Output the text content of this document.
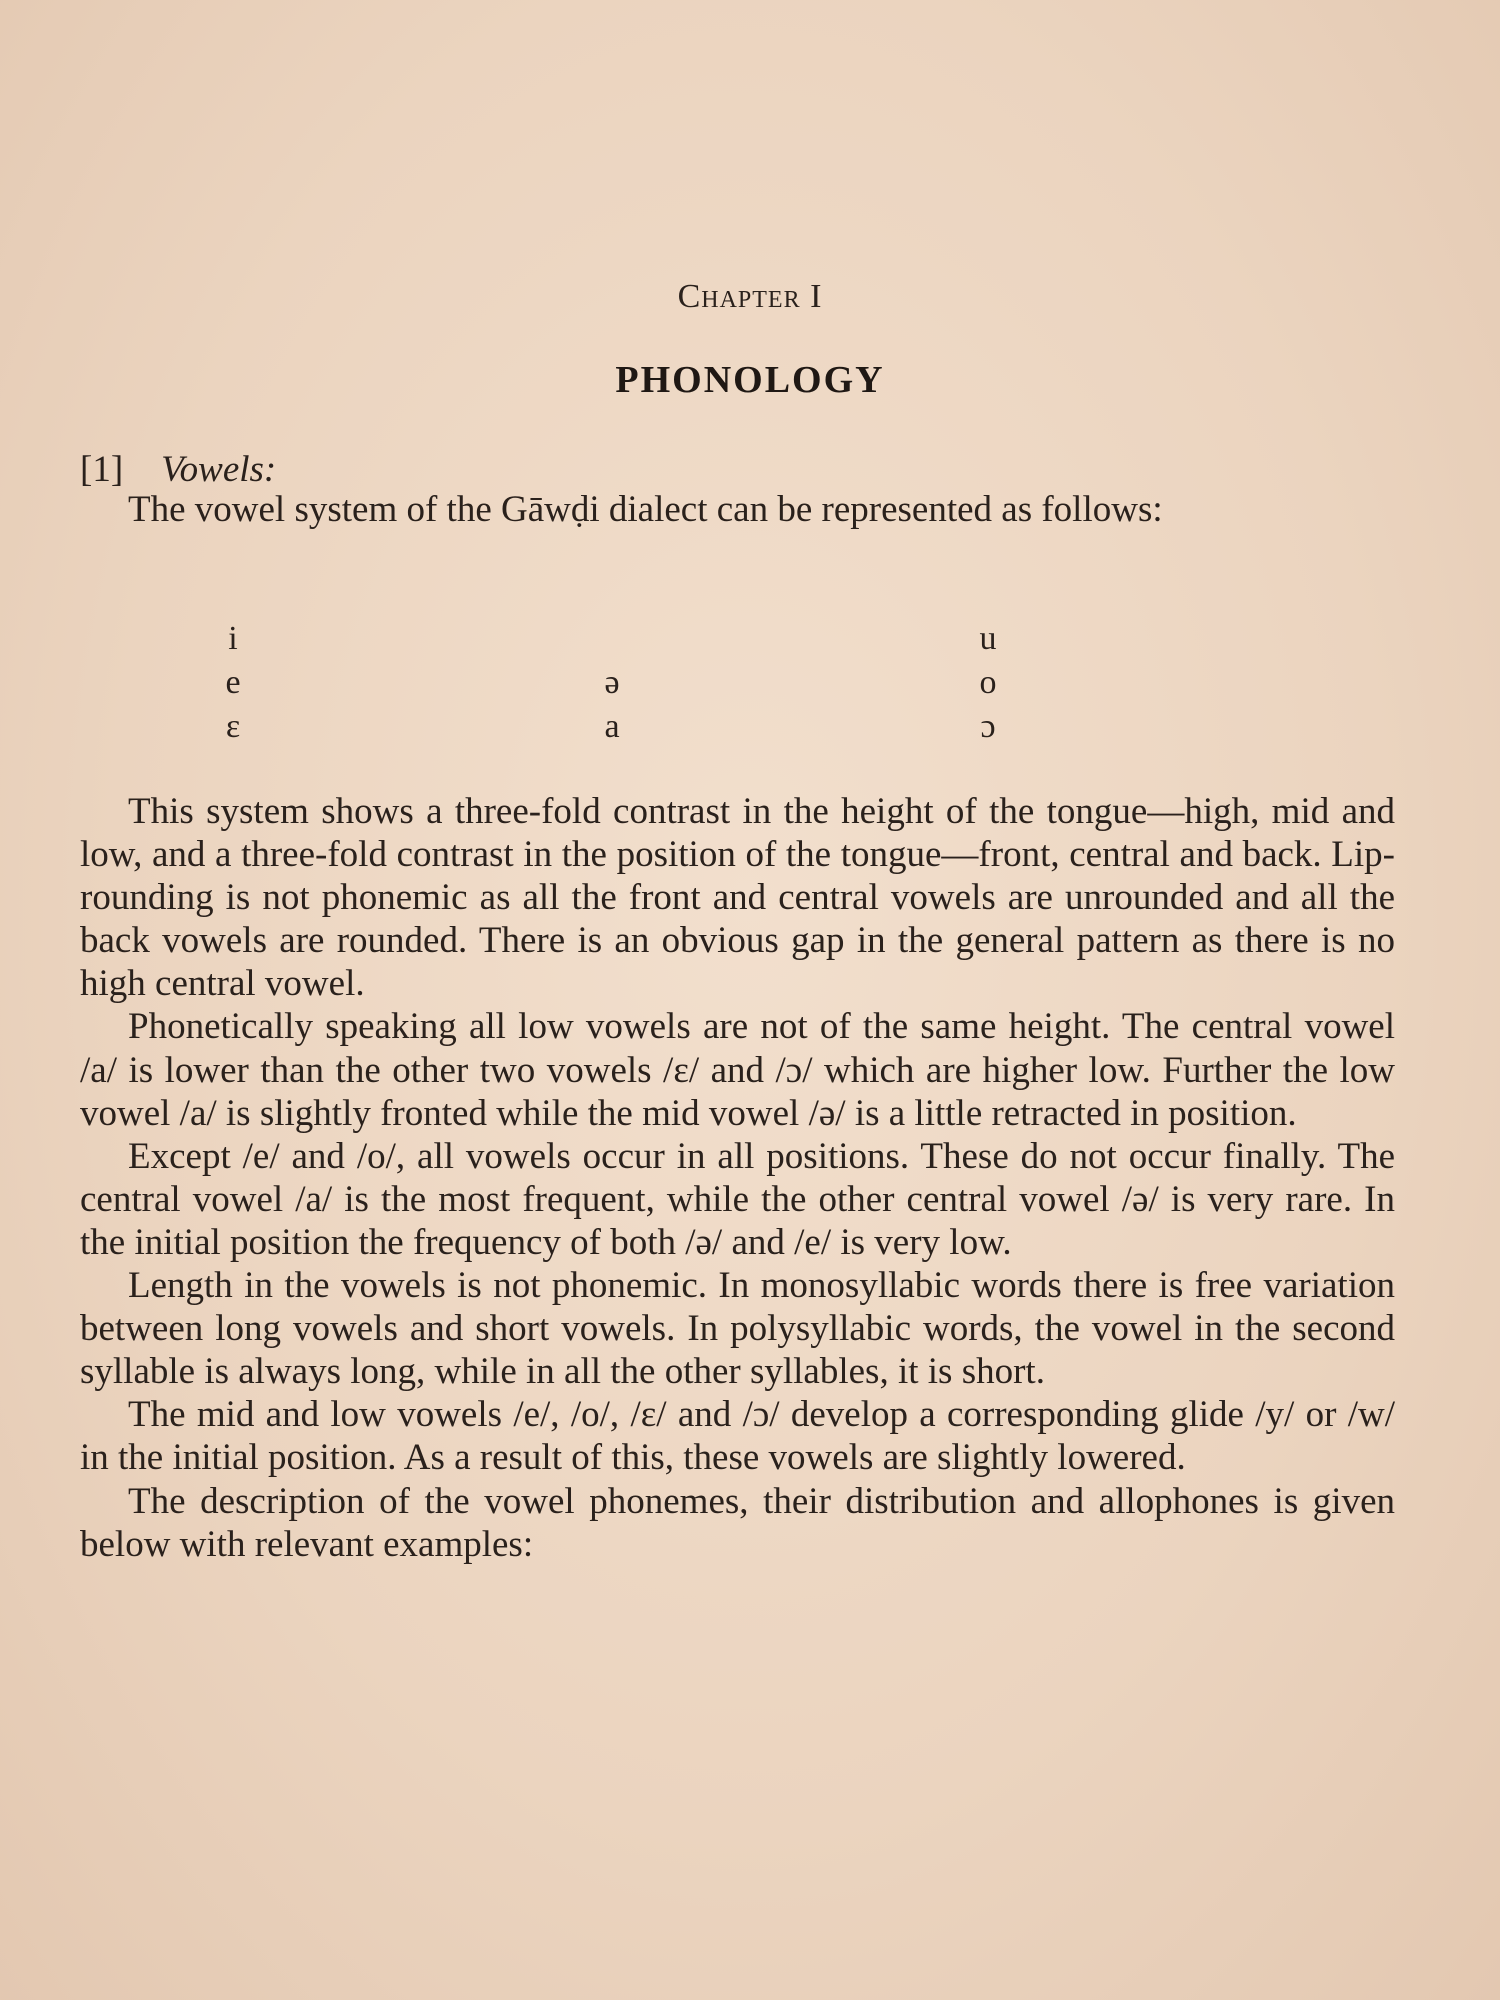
Chapter I
PHONOLOGY
[1] Vowels:

The vowel system of the Gāwḍi dialect can be represented as follows:

i
e
ɛ
ə
a
u
o
ɔ

This system shows a three-fold contrast in the height of the tongue—high, mid and low, and a three-fold contrast in the position of the tongue—front, central and back. Lip-rounding is not phonemic as all the front and central vowels are unrounded and all the back vowels are rounded. There is an obvious gap in the general pattern as there is no high central vowel.

Phonetically speaking all low vowels are not of the same height. The central vowel /a/ is lower than the other two vowels /ɛ/ and /ɔ/ which are higher low. Further the low vowel /a/ is slightly fronted while the mid vowel /ə/ is a little retracted in position.

Except /e/ and /o/, all vowels occur in all positions. These do not occur finally. The central vowel /a/ is the most frequent, while the other central vowel /ə/ is very rare. In the initial position the frequency of both /ə/ and /e/ is very low.

Length in the vowels is not phonemic. In monosyllabic words there is free variation between long vowels and short vowels. In polysyllabic words, the vowel in the second syllable is always long, while in all the other syllables, it is short.

The mid and low vowels /e/, /o/, /ɛ/ and /ɔ/ develop a corresponding glide /y/ or /w/ in the initial position. As a result of this, these vowels are slightly lowered.

The description of the vowel phonemes, their distribution and allophones is given below with relevant examples:
